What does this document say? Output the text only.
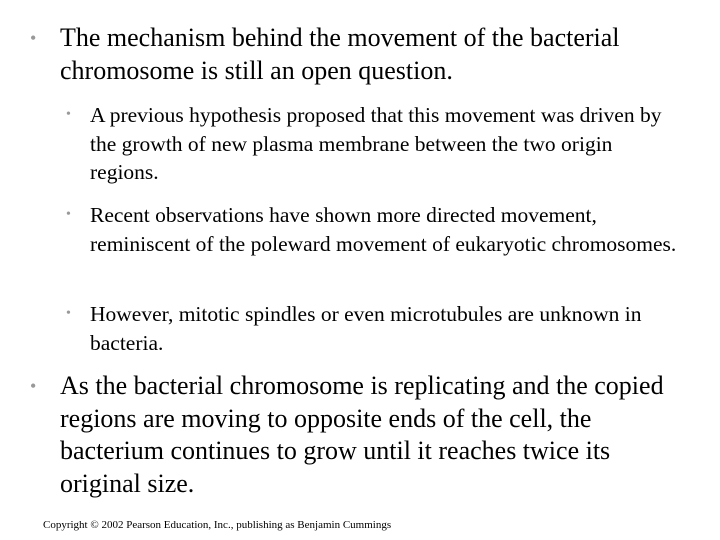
• The mechanism behind the movement of the bacterial chromosome is still an open question.
• A previous hypothesis proposed that this movement was driven by the growth of new plasma membrane between the two origin regions.
• Recent observations have shown more directed movement, reminiscent of the poleward movement of eukaryotic chromosomes.
• However, mitotic spindles or even microtubules are unknown in bacteria.
• As the bacterial chromosome is replicating and the copied regions are moving to opposite ends of the cell, the bacterium continues to grow until it reaches twice its original size.
Copyright © 2002 Pearson Education, Inc., publishing as Benjamin Cummings
